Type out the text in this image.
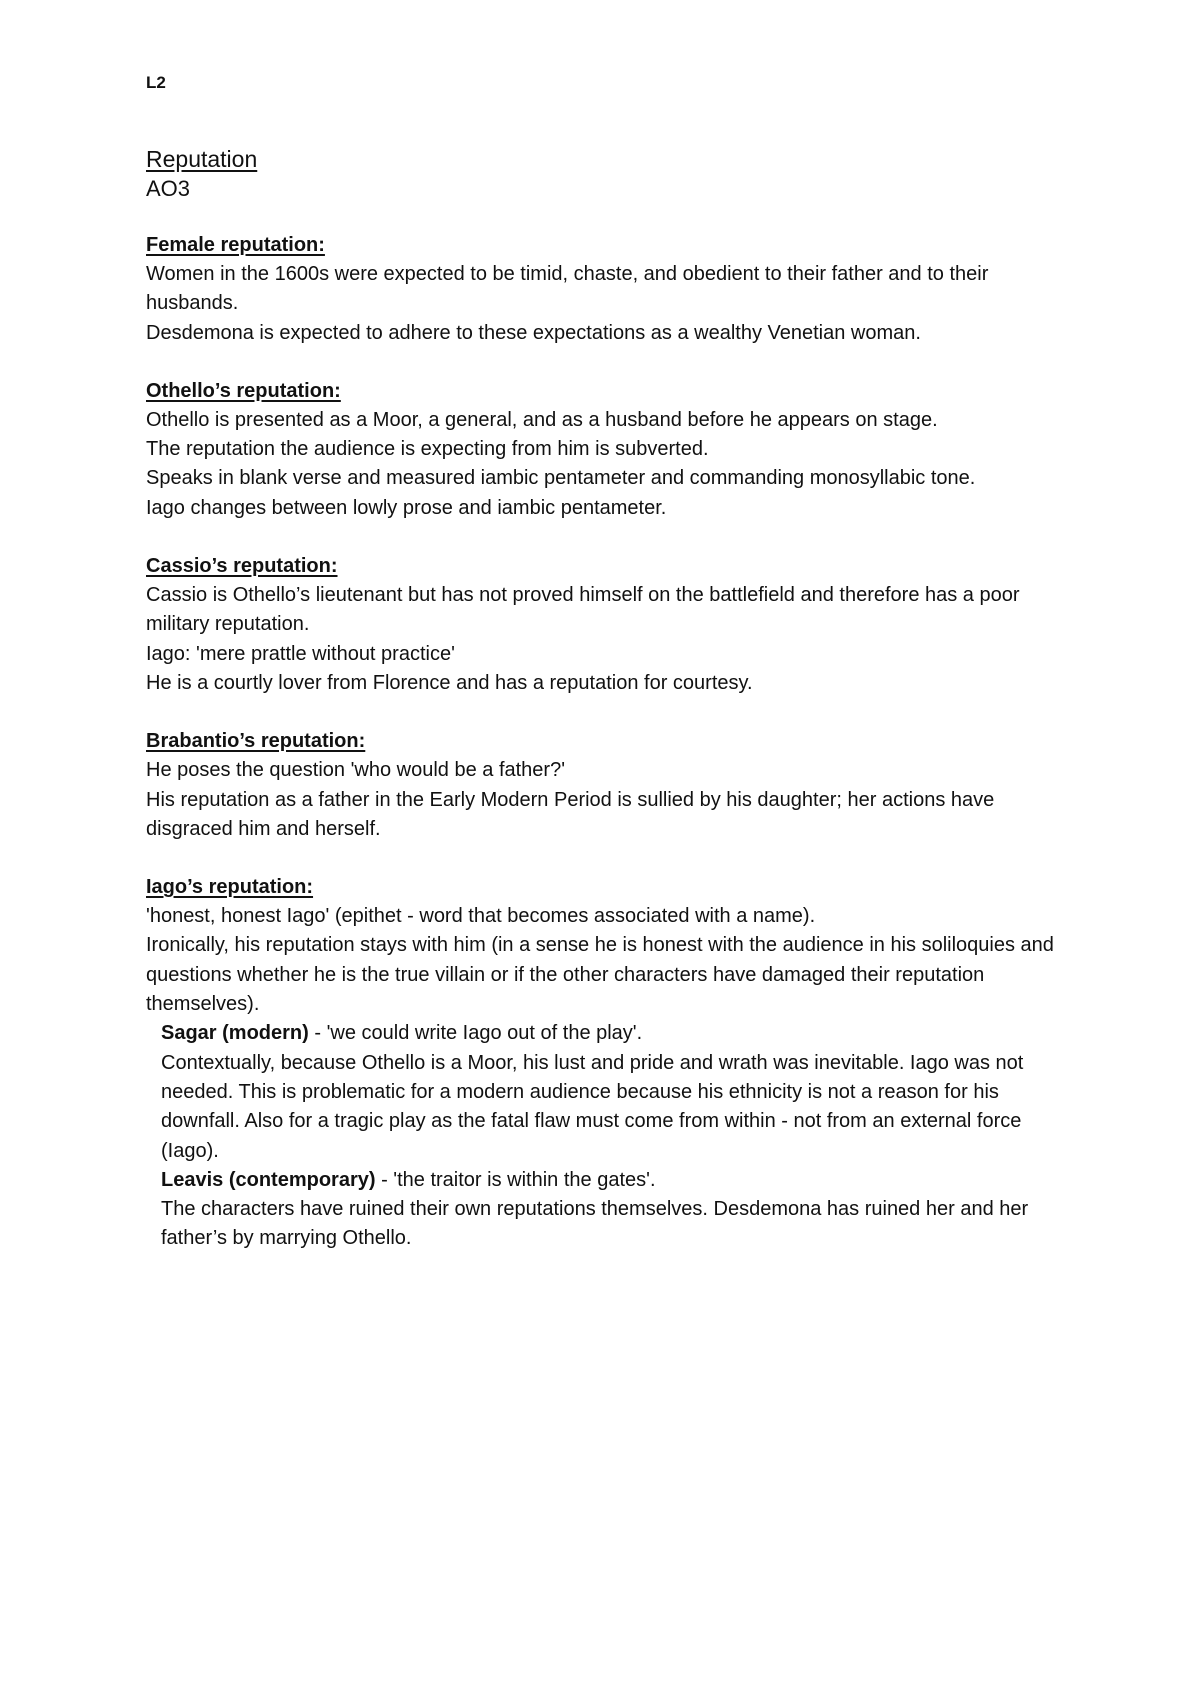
L2
Reputation
AO3
Female reputation:
Women in the 1600s were expected to be timid, chaste, and obedient to their father and to their husbands.
Desdemona is expected to adhere to these expectations as a wealthy Venetian woman.
Othello’s reputation:
Othello is presented as a Moor, a general, and as a husband before he appears on stage.
The reputation the audience is expecting from him is subverted.
Speaks in blank verse and measured iambic pentameter and commanding monosyllabic tone.
Iago changes between lowly prose and iambic pentameter.
Cassio’s reputation:
Cassio is Othello’s lieutenant but has not proved himself on the battlefield and therefore has a poor military reputation.
Iago: 'mere prattle without practice'
He is a courtly lover from Florence and has a reputation for courtesy.
Brabantio’s reputation:
He poses the question 'who would be a father?'
His reputation as a father in the Early Modern Period is sullied by his daughter; her actions have disgraced him and herself.
Iago’s reputation:
'honest, honest Iago' (epithet - word that becomes associated with a name).
Ironically, his reputation stays with him (in a sense he is honest with the audience in his soliloquies and questions whether he is the true villain or if the other characters have damaged their reputation themselves).
Sagar (modern) - 'we could write Iago out of the play'.
Contextually, because Othello is a Moor, his lust and pride and wrath was inevitable. Iago was not needed. This is problematic for a modern audience because his ethnicity is not a reason for his downfall. Also for a tragic play as the fatal flaw must come from within - not from an external force (Iago).
Leavis (contemporary) - 'the traitor is within the gates'.
The characters have ruined their own reputations themselves. Desdemona has ruined her and her father’s by marrying Othello.
